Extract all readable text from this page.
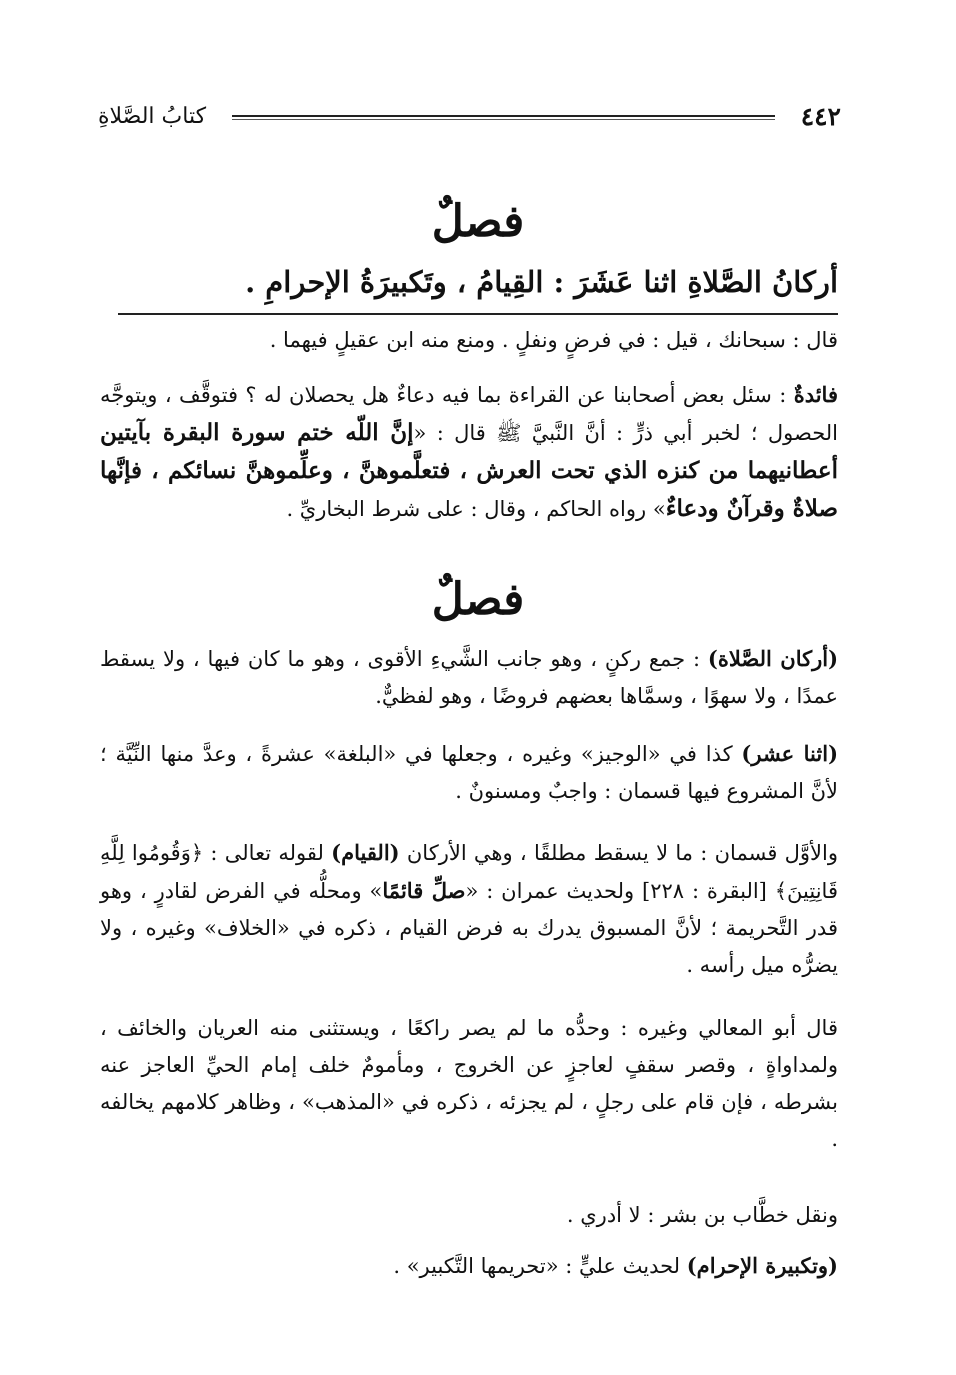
٤٤٢
كتابُ الصَّلاةِ
فصلٌ
أركانُ الصَّلاةِ اثنا عَشَرَ : القِيامُ ، وتَكبيرَةُ الإحرامِ .

قال : سبحانك ، قيل : في فرضٍ ونفلٍ . ومنع منه ابن عقيلٍ فيهما .

فائدةٌ : سئل بعض أصحابنا عن القراءة بما فيه دعاءٌ هل يحصلان له ؟ فتوقَّف ، ويتوجَّه الحصول ؛ لخبر أبي ذرٍّ : أنَّ النَّبيَّ ﷺ قال : «إنَّ اللّه ختم سورة البقرة بآيتين أعطانيهما من كنزه الذي تحت العرش ، فتعلَّموهنَّ ، وعلِّموهنَّ نسائكم ، فإنَّها صلاةٌ وقرآنٌ ودعاءٌ» رواه الحاكم ، وقال : على شرط البخاريِّ .

فصلٌ

(أركان الصَّلاة) : جمع ركنٍ ، وهو جانب الشَّيءِ الأقوى ، وهو ما كان فيها ، ولا يسقط عمدًا ، ولا سهوًا ، وسمَّاها بعضهم فروضًا ، وهو لفظيٌّ.

(اثنا عشر) كذا في «الوجيز» وغيره ، وجعلها في «البلغة» عشرةً ، وعدَّ منها النِّيَّة ؛ لأنَّ المشروع فيها قسمان : واجبٌ ومسنونٌ .

والأوَّل قسمان : ما لا يسقط مطلقًا ، وهي الأركان (القيام) لقوله تعالى : ﴿وَقُومُوا لِلَّهِ قَانِتِينَ﴾ [البقرة : ٢٢٨] ولحديث عمران : «صلِّ قائمًا» ومحلُّه في الفرض لقادرٍ ، وهو قدر التَّحريمة ؛ لأنَّ المسبوق يدرك به فرض القيام ، ذكره في «الخلاف» وغيره ، ولا يضرُّه ميل رأسه .

قال أبو المعالي وغيره : وحدُّه ما لم يصر راكعًا ، ويستثنى منه العريان والخائف ، ولمداواةٍ ، وقصر سقفٍ لعاجزٍ عن الخروج ، ومأمومٌ خلف إمام الحيِّ العاجز عنه بشرطه ، فإن قام على رجلٍ ، لم يجزئه ، ذكره في «المذهب» ، وظاهر كلامهم يخالفه .

ونقل خطَّاب بن بشر : لا أدري .

(وتكبيرة الإحرام) لحديث عليٍّ : «تحريمها التَّكبير» .
